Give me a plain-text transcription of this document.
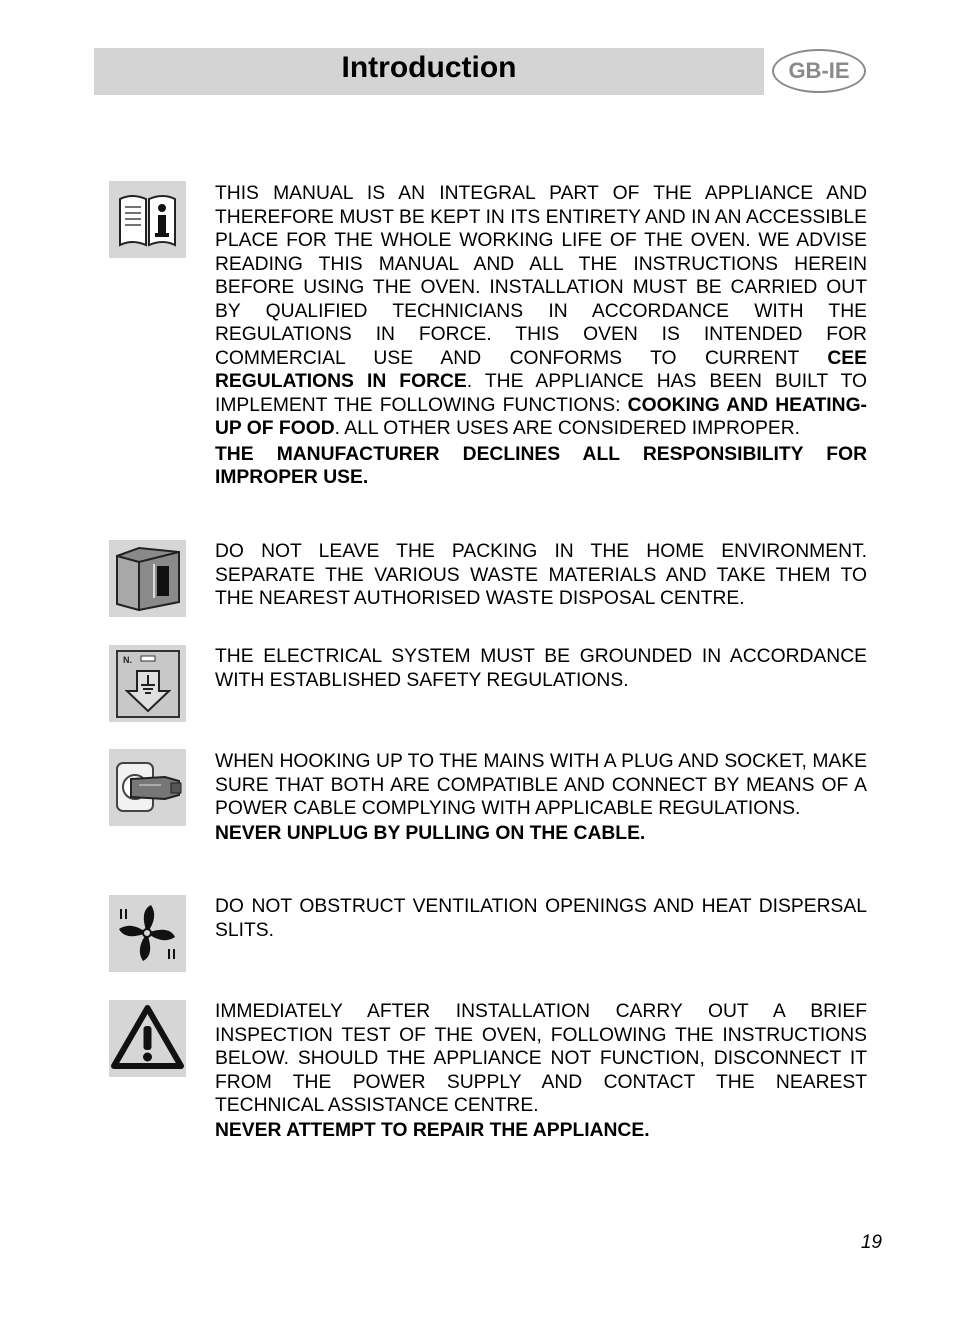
Introduction	GB-IE

THIS MANUAL IS AN INTEGRAL PART OF THE APPLIANCE AND THEREFORE MUST BE KEPT IN ITS ENTIRETY AND IN AN ACCESSIBLE PLACE FOR THE WHOLE WORKING LIFE OF THE OVEN. WE ADVISE READING THIS MANUAL AND ALL THE INSTRUCTIONS HEREIN BEFORE USING THE OVEN. INSTALLATION MUST BE CARRIED OUT BY QUALIFIED TECHNICIANS IN ACCORDANCE WITH THE REGULATIONS IN FORCE. THIS OVEN IS INTENDED FOR COMMERCIAL USE AND CONFORMS TO CURRENT CEE REGULATIONS IN FORCE. THE APPLIANCE HAS BEEN BUILT TO IMPLEMENT THE FOLLOWING FUNCTIONS: COOKING AND HEATING-UP OF FOOD. ALL OTHER USES ARE CONSIDERED IMPROPER.

THE MANUFACTURER DECLINES ALL RESPONSIBILITY FOR IMPROPER USE.

DO NOT LEAVE THE PACKING IN THE HOME ENVIRONMENT. SEPARATE THE VARIOUS WASTE MATERIALS AND TAKE THEM TO THE NEAREST AUTHORISED WASTE DISPOSAL CENTRE.

N.	THE ELECTRICAL SYSTEM MUST BE GROUNDED IN ACCORDANCE WITH ESTABLISHED SAFETY REGULATIONS.

WHEN HOOKING UP TO THE MAINS WITH A PLUG AND SOCKET, MAKE SURE THAT BOTH ARE COMPATIBLE AND CONNECT BY MEANS OF A POWER CABLE COMPLYING WITH APPLICABLE REGULATIONS.

NEVER UNPLUG BY PULLING ON THE CABLE.

DO NOT OBSTRUCT VENTILATION OPENINGS AND HEAT DISPERSAL SLITS.

IMMEDIATELY AFTER INSTALLATION CARRY OUT A BRIEF INSPECTION TEST OF THE OVEN, FOLLOWING THE INSTRUCTIONS BELOW. SHOULD THE APPLIANCE NOT FUNCTION, DISCONNECT IT FROM THE POWER SUPPLY AND CONTACT THE NEAREST TECHNICAL ASSISTANCE CENTRE.

NEVER ATTEMPT TO REPAIR THE APPLIANCE.

19
